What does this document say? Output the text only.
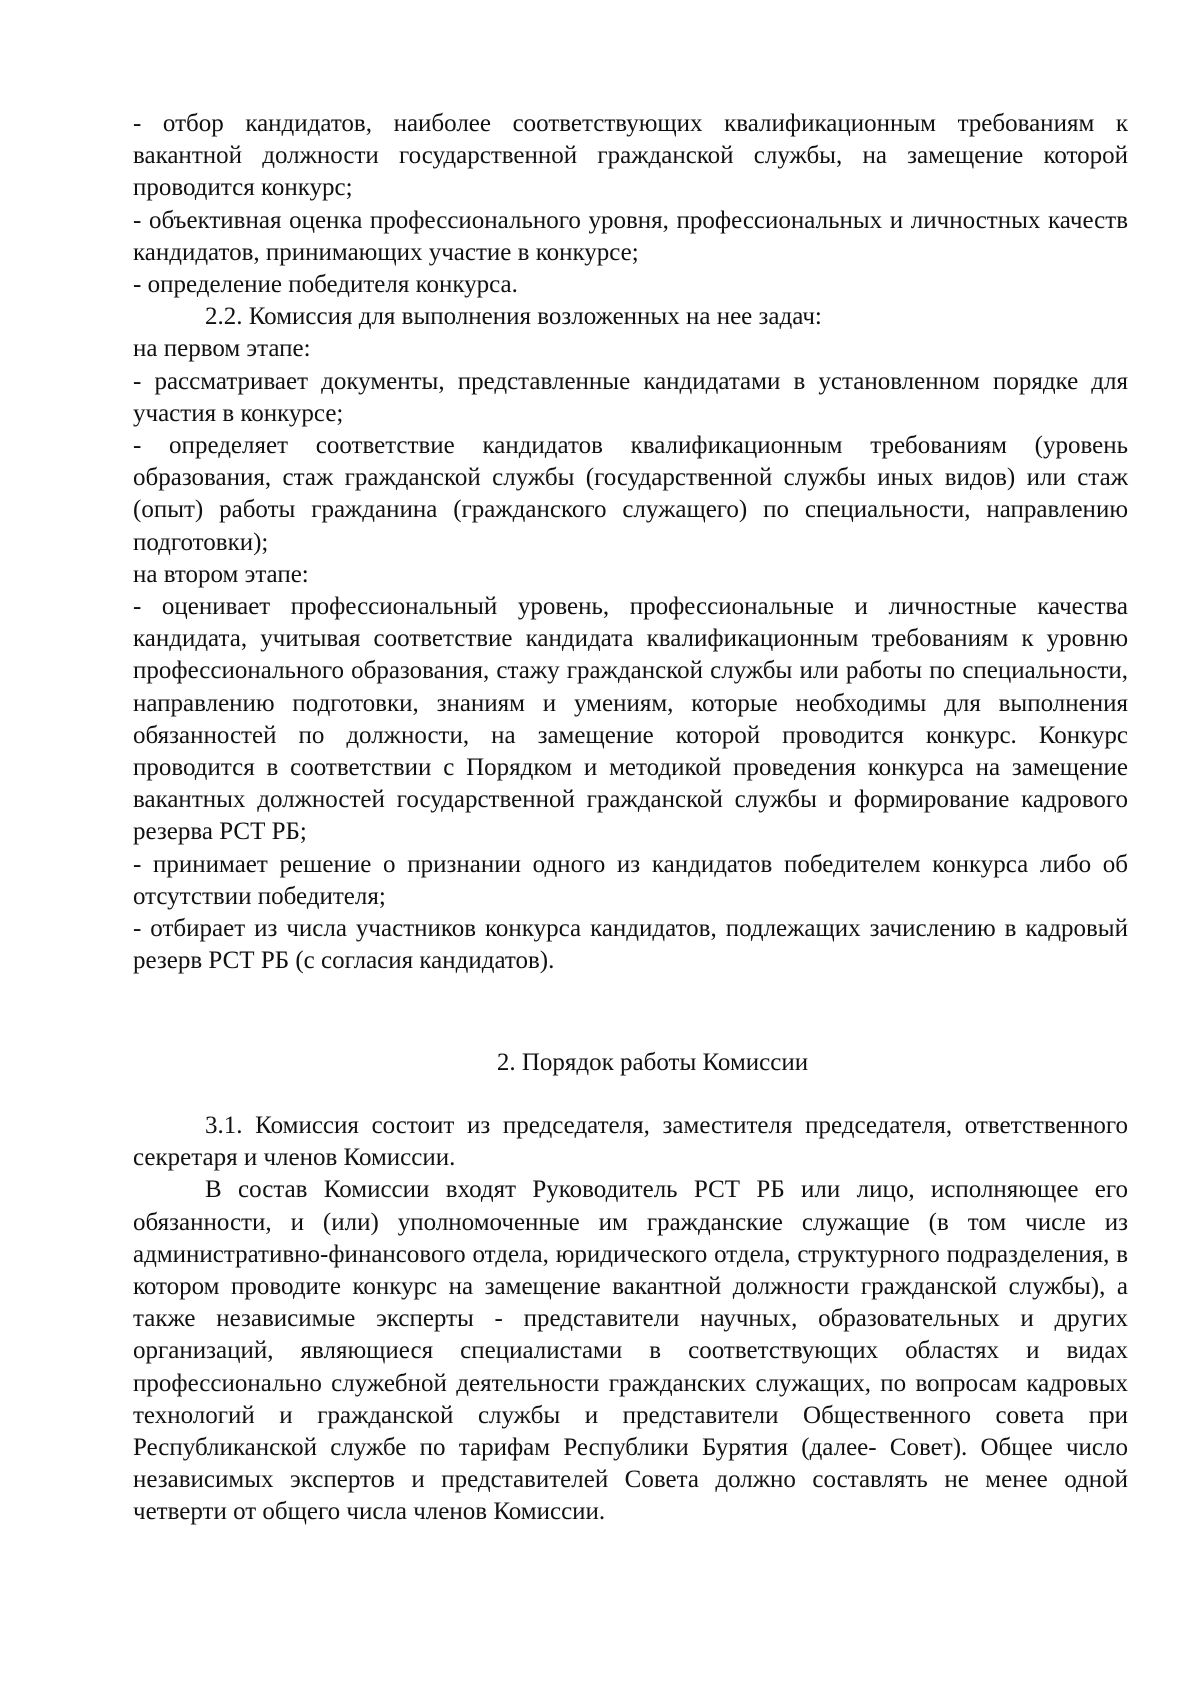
- отбор кандидатов, наиболее соответствующих квалификационным требованиям к вакантной должности государственной гражданской службы, на замещение которой проводится конкурс;

- объективная оценка профессионального уровня, профессиональных и личностных качеств кандидатов, принимающих участие в конкурсе;

- определение победителя конкурса.

2.2. Комиссия для выполнения возложенных на нее задач:

на первом этапе:

- рассматривает документы, представленные кандидатами в установленном порядке для участия в конкурсе;

- определяет соответствие кандидатов квалификационным требованиям (уровень образования, стаж гражданской службы (государственной службы иных видов) или стаж (опыт) работы гражданина (гражданского служащего) по специальности, направлению подготовки);

на втором этапе:

- оценивает профессиональный уровень, профессиональные и личностные качества кандидата, учитывая соответствие кандидата квалификационным требованиям к уровню профессионального образования, стажу гражданской службы или работы по специальности, направлению подготовки, знаниям и умениям, которые необходимы для выполнения обязанностей по должности, на замещение которой проводится конкурс. Конкурс проводится в соответствии с Порядком и методикой проведения конкурса на замещение вакантных должностей государственной гражданской службы и формирование кадрового резерва РСТ РБ;

- принимает решение о признании одного из кандидатов победителем конкурса либо об отсутствии победителя;

- отбирает из числа участников конкурса кандидатов, подлежащих зачислению в кадровый резерв РСТ РБ (с согласия кандидатов).

2. Порядок работы Комиссии

3.1. Комиссия состоит из председателя, заместителя председателя, ответственного секретаря и членов Комиссии.

В состав Комиссии входят Руководитель РСТ РБ или лицо, исполняющее его обязанности, и (или) уполномоченные им гражданские служащие (в том числе из административно-финансового отдела, юридического отдела, структурного подразделения, в котором проводите конкурс на замещение вакантной должности гражданской службы), а также независимые эксперты - представители научных, образовательных и других организаций, являющиеся специалистами в соответствующих областях и видах профессионально служебной деятельности гражданских служащих, по вопросам кадровых технологий и гражданской службы и представители Общественного совета при Республиканской службе по тарифам Республики Бурятия (далее- Совет). Общее число независимых экспертов и представителей Совета должно составлять не менее одной четверти от общего числа членов Комиссии.
